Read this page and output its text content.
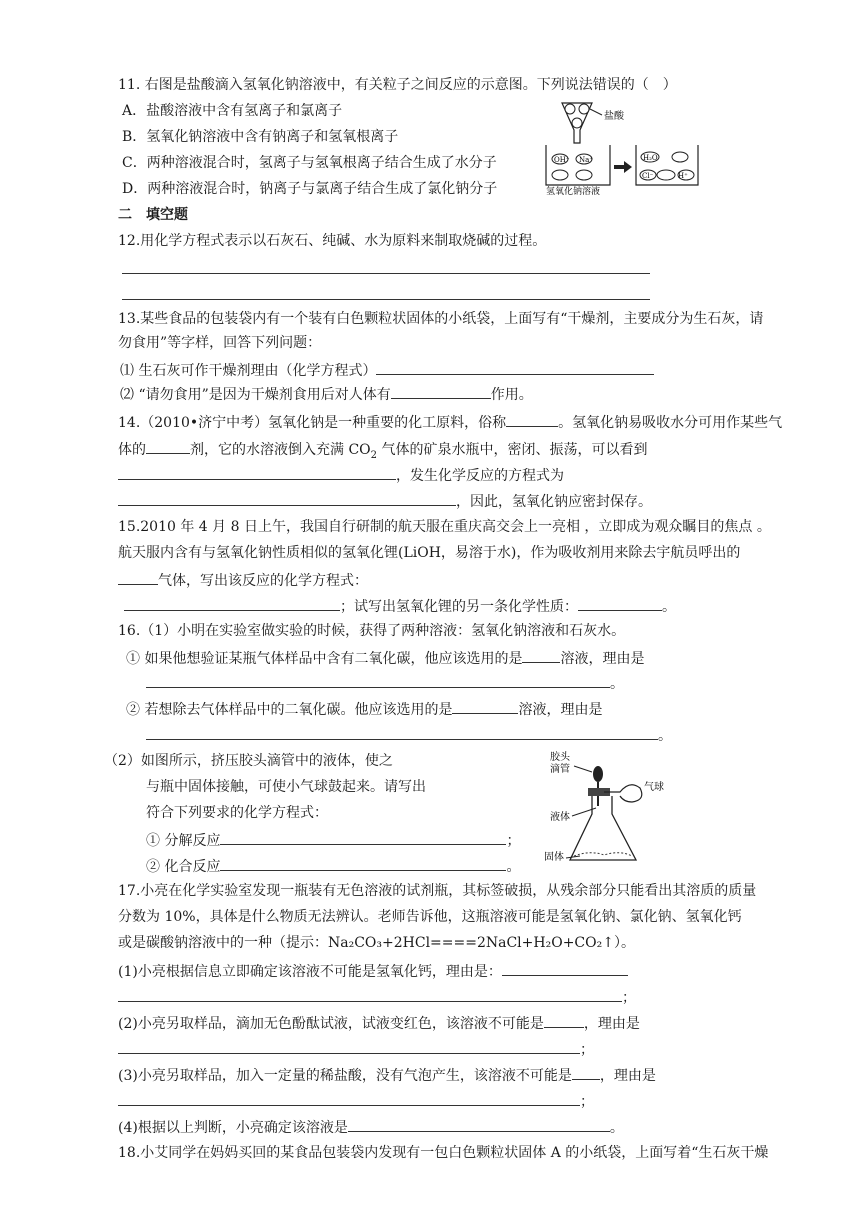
11. 右图是盐酸滴入氢氧化钠溶液中，有关粒子之间反应的示意图。下列说法错误的（　）
A．盐酸溶液中含有氢离子和氯离子
B．氢氧化钠溶液中含有钠离子和氢氧根离子
C．两种溶液混合时，氢离子与氢氧根离子结合生成了水分子
D．两种溶液混合时，钠离子与氯离子结合生成了氯化钠分子
盐酸
OH⁻ Na⁺	H₂O
Cl⁻	H⁺
氢氧化钠溶液
二　填空题
12.用化学方程式表示以石灰石、纯碱、水为原料来制取烧碱的过程。
13.某些食品的包装袋内有一个装有白色颗粒状固体的小纸袋，上面写有“干燥剂，主要成分为生石灰，请
勿食用”等字样，回答下列问题：
⑴ 生石灰可作干燥剂理由（化学方程式）
⑵ “请勿食用”是因为干燥剂食用后对人体有	作用。
14.（2010•济宁中考）氢氧化钠是一种重要的化工原料，俗称	。氢氧化钠易吸收水分可用作某些气
体的	剂，它的水溶液倒入充满 $CO_2$ 气体的矿泉水瓶中，密闭、振荡，可以看到
，发生化学反应的方程式为
，因此，氢氧化钠应密封保存。
15.2010 年 4 月 8 日上午，我国自行研制的航天服在重庆高交会上一亮相 ，立即成为观众瞩目的焦点 。
航天服内含有与氢氧化钠性质相似的氢氧化锂(LiOH，易溶于水)，作为吸收剂用来除去宇航员呼出的
气体，写出该反应的化学方程式：
；试写出氢氧化锂的另一条化学性质：	。
16.（1）小明在实验室做实验的时候，获得了两种溶液：氢氧化钠溶液和石灰水。
① 如果他想验证某瓶气体样品中含有二氧化碳，他应该选用的是	溶液，理由是
。
② 若想除去气体样品中的二氧化碳。他应该选用的是	溶液，理由是
。
（2）如图所示，挤压胶头滴管中的液体，使之
与瓶中固体接触，可使小气球鼓起来。请写出
符合下列要求的化学方程式：
① 分解反应	；
② 化合反应	。
胶头
滴管
气球
液体
固体
17.小亮在化学实验室发现一瓶装有无色溶液的试剂瓶，其标签破损，从残余部分只能看出其溶质的质量
分数为 10%，具体是什么物质无法辨认。老师告诉他，这瓶溶液可能是氢氧化钠、氯化钠、氢氧化钙
或是碳酸钠溶液中的一种（提示：Na₂CO₃+2HCl====2NaCl+H₂O+CO₂↑）。
(1)小亮根据信息立即确定该溶液不可能是氢氧化钙，理由是：
；
(2)小亮另取样品，滴加无色酚酞试液，试液变红色，该溶液不可能是	，理由是
；
(3)小亮另取样品，加入一定量的稀盐酸，没有气泡产生，该溶液不可能是 ，理由是
；
(4)根据以上判断，小亮确定该溶液是	。
18.小艾同学在妈妈买回的某食品包装袋内发现有一包白色颗粒状固体 A 的小纸袋，上面写着“生石灰干燥
